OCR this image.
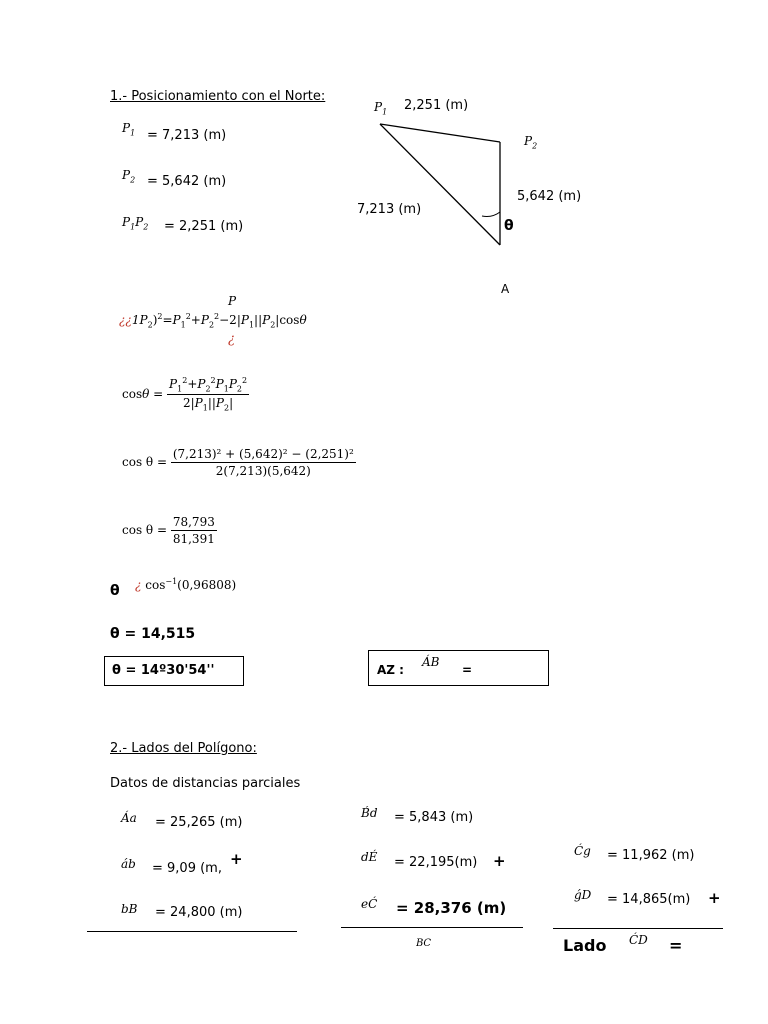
1.- Posicionamiento con el Norte:
$P_1 = 7,213$ (m)
$P_2 = 5,642$ (m)
$P_1P_2 = 2,251$ (m)
$P_1$ 2,251 (m)
$P_2$
5,642 (m)
7,213 (m)
θ
A
P
¿¿$1P_2)^2=P_1^2+P_2^2-2|P_1||P_2|\cos\theta$
¿
$\cos\theta = \frac{P_1^2+P_2^2P_1P_2^2}{2|P_1||P_2|}$
$\cos \theta = \frac{\text{(7,213)² + (5,642)² − (2,251)²}}{2(7,213)(5,642)}$
$\cos \theta = \frac{78,793}{81,391}$
θ ¿ $\cos^{-1}(0,96808)$
θ = 14,515
θ = 14º30'54''	AZ :
ÁB
=
2.- Lados del Polígono:
Datos de distancias parciales
Áa = 25,265 (m)
áb = 9,09 (m,
+
bB = 24,800 (m)
B́d = 5,843 (m)
dÉ = 22,195(m) +
eĆ = 28,376 (m)
B́C
Ćg = 11,962 (m)
ǵD = 14,865(m) +
Lado ĆD =
